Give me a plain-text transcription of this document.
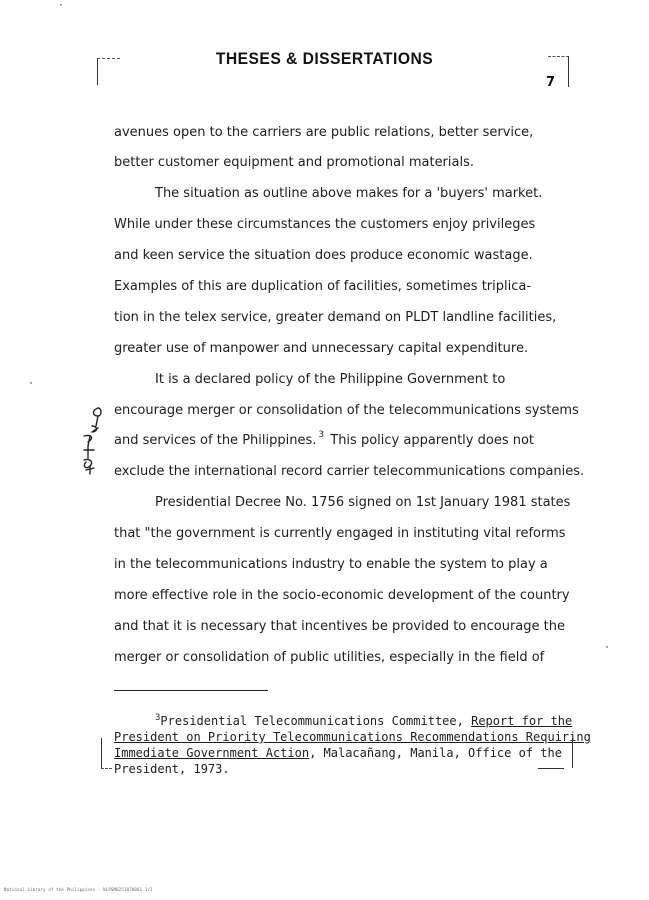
THESES & DISSERTATIONS
7
avenues open to the carriers are public relations, better service,
better customer equipment and promotional materials.
The situation as outline above makes for a 'buyers' market.
While under these circumstances the customers enjoy privileges
and keen service the situation does produce economic wastage.
Examples of this are duplication of facilities, sometimes triplica-
tion in the telex service, greater demand on PLDT landline facilities,
greater use of manpower and unnecessary capital expenditure.
It is a declared policy of the Philippine Government to
encourage merger or consolidation of the telecommunications systems
and services of the Philippines. $^3$ This policy apparently does not
exclude the international record carrier telecommunications companies.
Presidential Decree No. 1756 signed on 1st January 1981 states
that "the government is currently engaged in instituting vital reforms
in the telecommunications industry to enable the system to play a
more effective role in the socio-economic development of the country
and that it is necessary that incentives be provided to encourage the
merger or consolidation of public utilities, especially in the field of
$^3$Presidential Telecommunications Committee, Report for the
President on Priority Telecommunications Recommendations Requiring
Immediate Government Action, Malacañang, Manila, Office of the
President, 1973.
National Library of the Philippines · NLPSM0251870001 1/2
